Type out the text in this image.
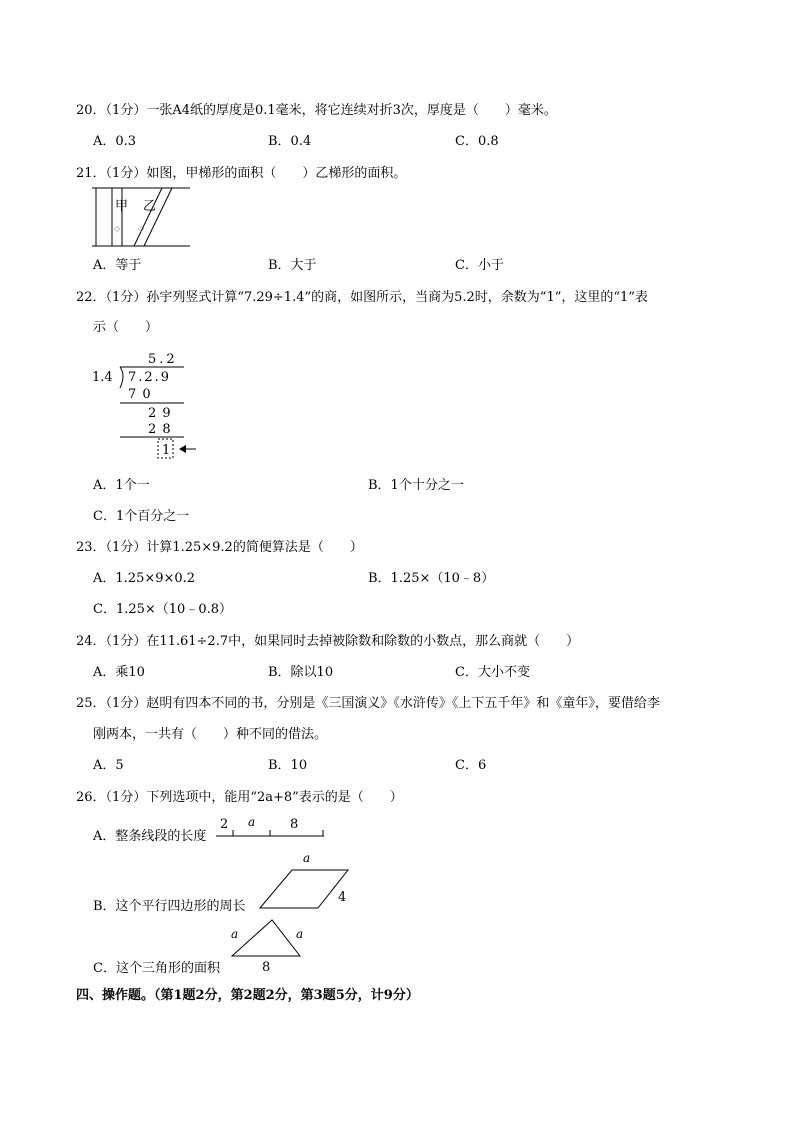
20．（1分）一张A4纸的厚度是0.1毫米，将它连续对折3次，厚度是（　　）毫米。
A．0.3	B．0.4	C．0.8
21．（1分）如图，甲梯形的面积（　　）乙梯形的面积。
甲 乙
◇ ◇
A．等于	B．大于	C．小于
22．（1分）孙宇列竖式计算“7.29÷1.4”的商，如图所示，当商为5.2时，余数为“1”，这里的“1”表
示（　　）
5.2
1.4 7.2.9
7 0
2 9
2 8
1
A．1个一	B．1个十分之一
C．1个百分之一
23．（1分）计算1.25×9.2的简便算法是（　　）
A．1.25×9×0.2	B．1.25×（10﹣8）
C．1.25×（10﹣0.8）
24．（1分）在11.61÷2.7中，如果同时去掉被除数和除数的小数点，那么商就（　　）
A．乘10	B．除以10	C．大小不变
25．（1分）赵明有四本不同的书，分别是《三国演义》《水浒传》《上下五千年》和《童年》，要借给李
刚两本，一共有（　　）种不同的借法。
A．5	B．10	C．6
26．（1分）下列选项中，能用“2a+8”表示的是（　　）
A．整条线段的长度
2 a	8
B．这个平行四边形的周长
a
4
C．这个三角形的面积
a	a
8
四、操作题。（第1题2分，第2题2分，第3题5分，计9分）
